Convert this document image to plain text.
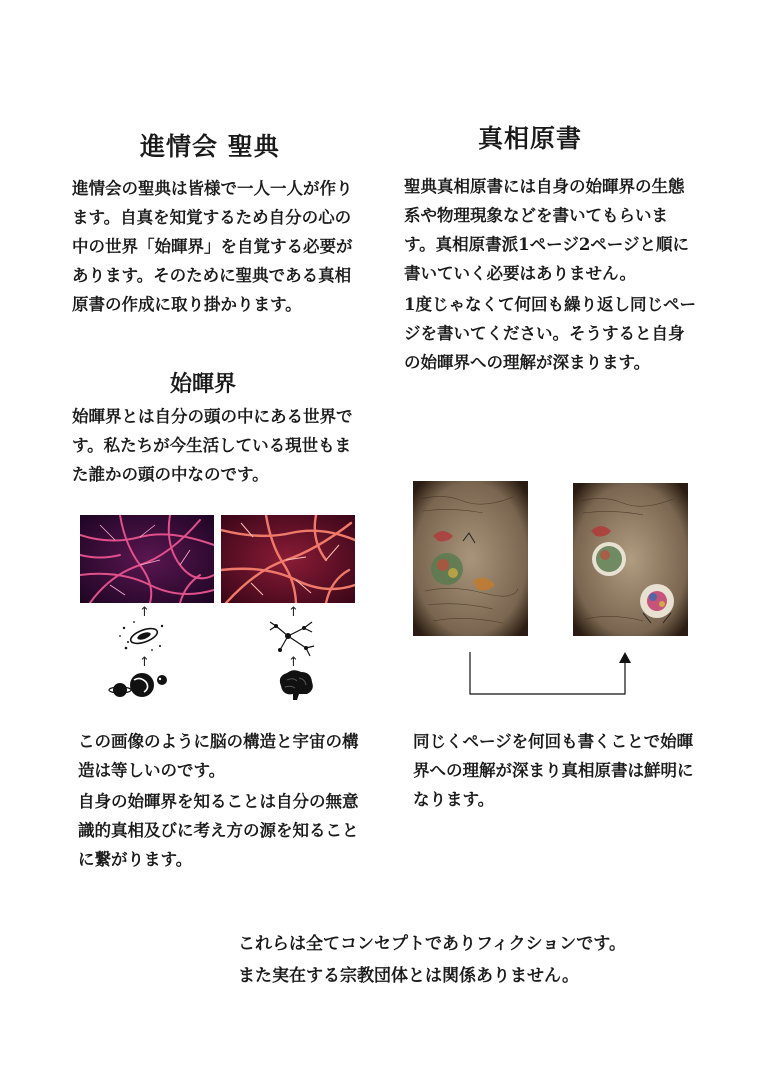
進情会 聖典

進情会の聖典は皆様で一人一人が作ります。自真を知覚するため自分の心の中の世界「始暉界」を自覚する必要があります。そのために聖典である真相原書の作成に取り掛かります。

始暉界

始暉界とは自分の頭の中にある世界です。私たちが今生活している現世もまた誰かの頭の中なのです。

↑
↑
↑
↑

この画像のように脳の構造と宇宙の構造は等しいのです。

自身の始暉界を知ることは自分の無意識的真相及びに考え方の源を知ることに繋がります。

真相原書

聖典真相原書には自身の始暉界の生態系や物理現象などを書いてもらいます。真相原書派1ページ2ページと順に書いていく必要はありません。

1度じゃなくて何回も繰り返し同じページを書いてください。そうすると自身の始暉界への理解が深まります。

同じくページを何回も書くことで始暉界への理解が深まり真相原書は鮮明になります。

これらは全てコンセプトでありフィクションです。

また実在する宗教団体とは関係ありません。
